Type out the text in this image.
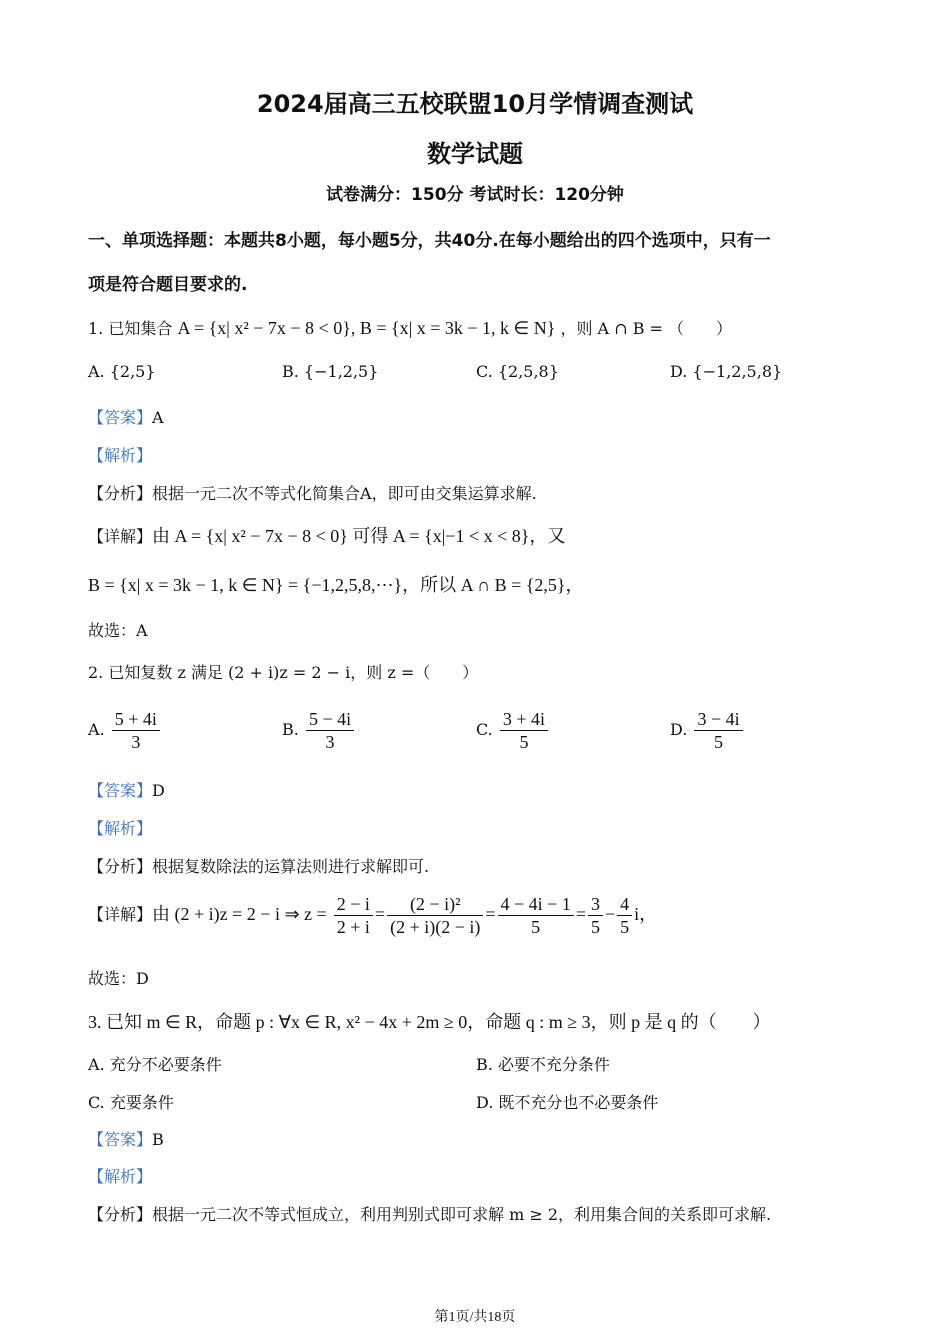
2024届高三五校联盟10月学情调查测试
数学试题
试卷满分：150分 考试时长：120分钟
一、单项选择题：本题共8小题，每小题5分，共40分.在每小题给出的四个选项中，只有一
项是符合题目要求的.
1. 已知集合 A = {x| x² − 7x − 8 < 0}, B = {x| x = 3k − 1, k ∈ N} ，则 A ∩ B = （　　）
A. {2,5}	B. {−1,2,5}	C. {2,5,8}	D. {−1,2,5,8}
【答案】A
【解析】
【分析】根据一元二次不等式化简集合A，即可由交集运算求解.
【详解】由 A = {x| x² − 7x − 8 < 0} 可得 A = {x|−1 < x < 8}，又
B = {x| x = 3k − 1, k ∈ N} = {−1,2,5,8,⋯}，所以 A ∩ B = {2,5}，
故选：A
2. 已知复数 z 满足 (2 + i)z = 2 − i，则 z =（　　）
A. $\frac{5 + 4i}{3}$	B. $\frac{5 - 4i}{3}$	C. $\frac{3 + 4i}{5}$	D. $\frac{3 - 4i}{5}$
【答案】D
【解析】
【分析】根据复数除法的运算法则进行求解即可.
【详解】由 (2 + i)z = 2 − i ⇒ $z = \frac{2 - i}{2 + i} = \frac{\text{(2 − i)²}}{(2 + i)(2 - i)} = \frac{4 - 4i - 1}{5} = \frac{3}{5} - \frac{4}{5}$ i，
故选：D
3. 已知 m ∈ R，命题 p : ∀x ∈ R, x² − 4x + 2m ≥ 0，命题 q : m ≥ 3，则 p 是 q 的（　　）
A. 充分不必要条件	B. 必要不充分条件
C. 充要条件	D. 既不充分也不必要条件
【答案】B
【解析】
【分析】根据一元二次不等式恒成立，利用判别式即可求解 m ≥ 2，利用集合间的关系即可求解.
第1页/共18页
